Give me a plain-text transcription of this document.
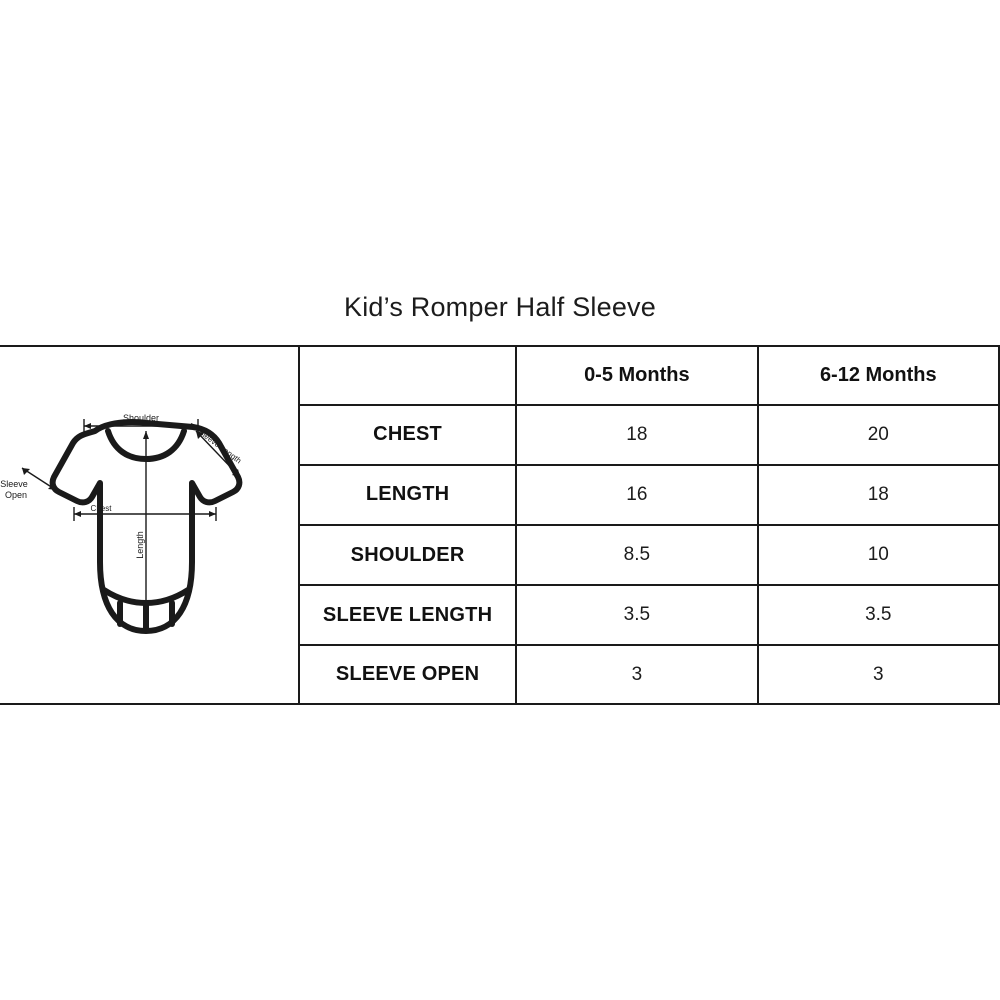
Kid’s Romper Half Sleeve
Shoulder
Sleeve Length
Sleeve
Open
Chest
Length
	0-5 Months	6-12 Months
CHEST	18	20
LENGTH	16	18
SHOULDER	8.5	10
SLEEVE LENGTH	3.5	3.5
SLEEVE OPEN	3	3
